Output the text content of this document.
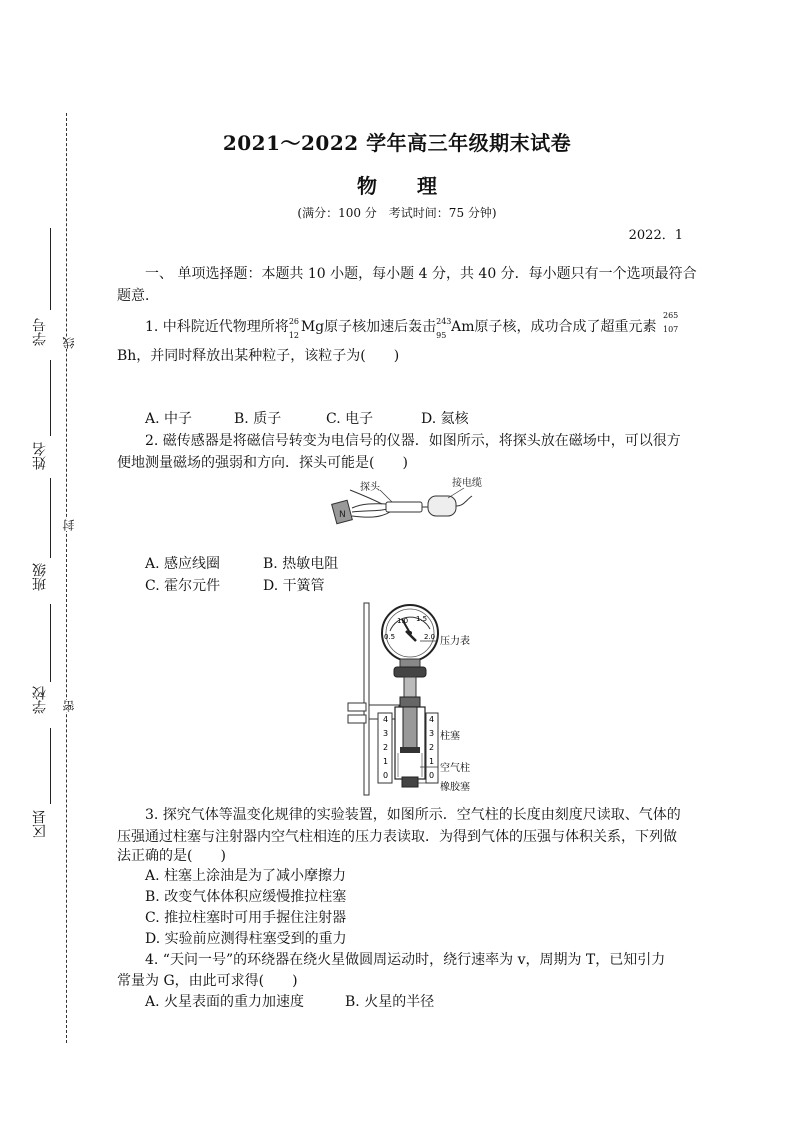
学号
姓名
班级
学校
区县
线
封
密
2021～2022 学年高三年级期末试卷
物　　理
(满分：100 分　考试时间：75 分钟)
2022．1
一、 单项选择题：本题共 10 小题，每小题 4 分，共 40 分．每小题只有一个选项最符合
题意．
1. 中科院近代物理所将 26
12
Mg原子核加速后轰击 243
95
Am原子核，成功合成了超重元素
265
107
Bh，并同时释放出某种粒子，该粒子为(　　)
A. 中子	B. 质子	C. 电子	D. 氦核
2. 磁传感器是将磁信号转变为电信号的仪器．如图所示，将探头放在磁场中，可以很方
便地测量磁场的强弱和方向．探头可能是(　　)
N
探头	接电缆
A. 感应线圈	B. 热敏电阻
C. 霍尔元件	D. 干簧管
0.5
1.0 1.5
2.0
4
3
2
1
0
4
3
2
1
0
压力表
柱塞
空气柱
橡胶塞
3. 探究气体等温变化规律的实验装置，如图所示．空气柱的长度由刻度尺读取、气体的
压强通过柱塞与注射器内空气柱相连的压力表读取．为得到气体的压强与体积关系，下列做
法正确的是(　　)
A. 柱塞上涂油是为了减小摩擦力
B. 改变气体体积应缓慢推拉柱塞
C. 推拉柱塞时可用手握住注射器
D. 实验前应测得柱塞受到的重力
4. “天问一号”的环绕器在绕火星做圆周运动时，绕行速率为 v，周期为 T，已知引力
常量为 G，由此可求得(　　)
A. 火星表面的重力加速度	B. 火星的半径
